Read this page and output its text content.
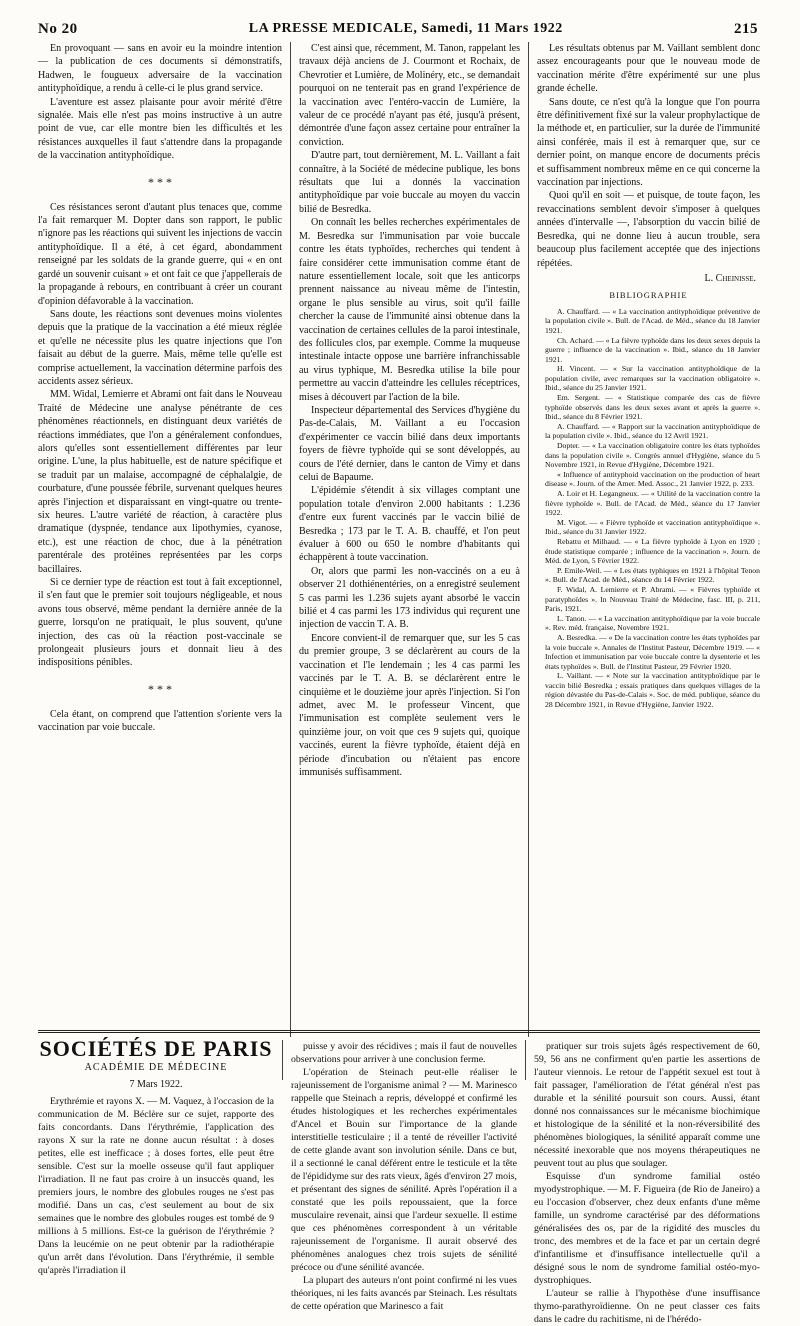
No 20	LA PRESSE MEDICALE, Samedi, 11 Mars 1922	215

En provoquant — sans en avoir eu la moindre intention — la publication de ces documents si démonstratifs, Hadwen, le fougueux adversaire de la vaccination antityphoïdique, a rendu à celle-ci le plus grand service.

L'aventure est assez plaisante pour avoir mérité d'être signalée. Mais elle n'est pas moins instructive à un autre point de vue, car elle montre bien les difficultés et les résistances auxquelles il faut s'attendre dans la propagande de la vaccination antityphoïdique.

* * *

Ces résistances seront d'autant plus tenaces que, comme l'a fait remarquer M. Dopter dans son rapport, le public n'ignore pas les réactions qui suivent les injections de vaccin antityphoïdique. Il a été, à cet égard, abondamment renseigné par les soldats de la grande guerre, qui « en ont gardé un souvenir cuisant » et ont fait ce que j'appellerais de la propagande à rebours, en contribuant à créer un courant d'opinion défavorable à la vaccination.

Sans doute, les réactions sont devenues moins violentes depuis que la pratique de la vaccination a été mieux réglée et qu'elle ne nécessite plus les quatre injections que l'on faisait au début de la guerre. Mais, même telle qu'elle est comprise actuellement, la vaccination détermine parfois des accidents assez sérieux.

MM. Widal, Lemierre et Abrami ont fait dans le Nouveau Traité de Médecine une analyse pénétrante de ces phénomènes réactionnels, en distinguant deux variétés de réactions immédiates, que l'on a généralement confondues, alors qu'elles sont essentiellement différentes par leur origine. L'une, la plus habituelle, est de nature spécifique et se traduit par un malaise, accompagné de céphalalgie, de courbature, d'une poussée fébrile, survenant quelques heures après l'injection et disparaissant en vingt-quatre ou trente-six heures. L'autre variété de réaction, à caractère plus dramatique (dyspnée, tendance aux lipothymies, cyanose, etc.), est une réaction de choc, due à la pénétration parentérale des protéines représentées par les corps bacillaires.

Si ce dernier type de réaction est tout à fait exceptionnel, il s'en faut que le premier soit toujours négligeable, et nous avons tous observé, même pendant la dernière année de la guerre, lorsqu'on ne pratiquait, le plus souvent, qu'une injection, des cas où la réaction post-vaccinale se prolongeait plusieurs jours et donnait lieu à des indispositions pénibles.

* * *

Cela étant, on comprend que l'attention s'oriente vers la vaccination par voie buccale.

C'est ainsi que, récemment, M. Tanon, rappelant les travaux déjà anciens de J. Courmont et Rochaix, de Chevrotier et Lumière, de Molinéry, etc., se demandait pourquoi on ne tenterait pas en grand l'expérience de la vaccination avec l'entéro-vaccin de Lumière, la valeur de ce procédé n'ayant pas été, jusqu'à présent, démontrée d'une façon assez certaine pour entraîner la conviction.

D'autre part, tout dernièrement, M. L. Vaillant a fait connaître, à la Société de médecine publique, les bons résultats que lui a donnés la vaccination antityphoïdique par voie buccale au moyen du vaccin bilié de Besredka.

On connaît les belles recherches expérimentales de M. Besredka sur l'immunisation par voie buccale contre les états typhoïdes, recherches qui tendent à faire considérer cette immunisation comme étant de nature essentiellement locale, soit que les anticorps prennent naissance au niveau même de l'intestin, organe le plus sensible au virus, soit qu'il faille chercher la cause de l'immunité ainsi obtenue dans la vaccination de certaines cellules de la paroi intestinale, des follicules clos, par exemple. Comme la muqueuse intestinale intacte oppose une barrière infranchissable au virus typhique, M. Besredka utilise la bile pour permettre au vaccin d'atteindre les cellules réceptrices, mises à découvert par l'action de la bile.

Inspecteur départemental des Services d'hygiène du Pas-de-Calais, M. Vaillant a eu l'occasion d'expérimenter ce vaccin bilié dans deux importants foyers de fièvre typhoïde qui se sont développés, au cours de l'été dernier, dans le canton de Vimy et dans celui de Bapaume.

L'épidémie s'étendit à six villages comptant une population totale d'environ 2.000 habitants : 1.236 d'entre eux furent vaccinés par le vaccin bilié de Besredka ; 173 par le T. A. B. chauffé, et l'on peut évaluer à 600 ou 650 le nombre d'habitants qui échappèrent à toute vaccination.

Or, alors que parmi les non-vaccinés on a eu à observer 21 dothiénentéries, on a enregistré seulement 5 cas parmi les 1.236 sujets ayant absorbé le vaccin bilié et 4 cas parmi les 173 individus qui reçurent une injection de vaccin T. A. B.

Encore convient-il de remarquer que, sur les 5 cas du premier groupe, 3 se déclarèrent au cours de la vaccination et l'le lendemain ; les 4 cas parmi les vaccinés par le T. A. B. se déclarèrent entre le cinquième et le douzième jour après l'injection. Si l'on admet, avec M. le professeur Vincent, que l'immunisation est complète seulement vers le quinzième jour, on voit que ces 9 sujets qui, quoique vaccinés, eurent la fièvre typhoïde, étaient déjà en période d'incubation ou n'étaient pas encore immunisés suffisamment.

Les résultats obtenus par M. Vaillant semblent donc assez encourageants pour que le nouveau mode de vaccination mérite d'être expérimenté sur une plus grande échelle.

Sans doute, ce n'est qu'à la longue que l'on pourra être définitivement fixé sur la valeur prophylactique de la méthode et, en particulier, sur la durée de l'immunité ainsi conférée, mais il est à remarquer que, sur ce dernier point, on manque encore de documents précis et suffisamment nombreux même en ce qui concerne la vaccination par injections.

Quoi qu'il en soit — et puisque, de toute façon, les revaccinations semblent devoir s'imposer à quelques années d'intervalle —, l'absorption du vaccin bilié de Besredka, qui ne donne lieu à aucun trouble, sera beaucoup plus facilement acceptée que des injections répétées.

L. Cheinisse.
BIBLIOGRAPHIE

A. Chauffard. — « La vaccination antityphoïdique préventive de la population civile ». Bull. de l'Acad. de Méd., séance du 18 Janvier 1921.

Ch. Achard. — « La fièvre typhoïde dans les deux sexes depuis la guerre ; influence de la vaccination ». Ibid., séance du 18 Janvier 1921.

H. Vincent. — « Sur la vaccination antityphoïdique de la population civile, avec remarques sur la vaccination obligatoire ». Ibid., séance du 25 Janvier 1921.

Em. Sergent. — « Statistique comparée des cas de fièvre typhoïde observés dans les deux sexes avant et après la guerre ». Ibid., séance du 8 Février 1921.

A. Chauffard. — « Rapport sur la vaccination antityphoïdique de la population civile ». Ibid., séance du 12 Avril 1921.

Dopter. — « La vaccination obligatoire contre les états typhoïdes dans la population civile ». Congrès annuel d'Hygiène, séance du 5 Novembre 1921, in Revue d'Hygiène, Décembre 1921.

« Influence of antityphoid vaccination on the production of heart disease ». Journ. of the Amer. Med. Assoc., 21 Janvier 1922, p. 233.

A. Loir et H. Legangneux. — « Utilité de la vaccination contre la fièvre typhoïde ». Bull. de l'Acad. de Méd., séance du 17 Janvier 1922.

M. Vigot. — « Fièvre typhoïde et vaccination antityphoïdique ». Ibid., séance du 31 Janvier 1922.

Rebattu et Milhaud. — « La fièvre typhoïde à Lyon en 1920 ; étude statistique comparée ; influence de la vaccination ». Journ. de Méd. de Lyon, 5 Février 1922.

P. Emile-Weil. — « Les états typhiques en 1921 à l'hôpital Tenon ». Bull. de l'Acad. de Méd., séance du 14 Février 1922.

F. Widal, A. Lemierre et P. Abrami. — « Fièvres typhoïde et paratyphoïdes ». In Nouveau Traité de Médecine, fasc. III, p. 211, Paris, 1921.

L. Tanon. — « La vaccination antityphoïdique par la voie buccale ». Rev. méd. française, Novembre 1921.

A. Besredka. — « De la vaccination contre les états typhoïdes par la voie buccale ». Annales de l'Institut Pasteur, Décembre 1919. — « Infection et immunisation par voie buccale contre la dysenterie et les états typhoïdes ». Bull. de l'Institut Pasteur, 29 Février 1920.

L. Vaillant. — « Note sur la vaccination antityphoïdique par le vaccin bilié Besredka ; essais pratiques dans quelques villages de la région dévastée du Pas-de-Calais ». Soc. de méd. publique, séance du 28 Décembre 1921, in Revue d'Hygiène, Janvier 1922.

SOCIÉTÉS DE PARIS
ACADÉMIE DE MÉDECINE
7 Mars 1922.

Erythrémie et rayons X. — M. Vaquez, à l'occasion de la communication de M. Béclère sur ce sujet, rapporte des faits concordants. Dans l'érythrémie, l'application des rayons X sur la rate ne donne aucun résultat : à doses petites, elle est inefficace ; à doses fortes, elle peut être sensible. C'est sur la moelle osseuse qu'il faut appliquer l'irradiation. Il ne faut pas croire à un insuccès quand, les premiers jours, le nombre des globules rouges ne s'est pas modifié. Dans un cas, c'est seulement au bout de six semaines que le nombre des globules rouges est tombé de 9 millions à 5 millions. Est-ce la guérison de l'érythrémie ? Dans la leucémie on ne peut obtenir par la radiothérapie qu'un arrêt dans l'évolution. Dans l'érythrémie, il semble qu'après l'irradiation il

puisse y avoir des récidives ; mais il faut de nouvelles observations pour arriver à une conclusion ferme.

L'opération de Steinach peut-elle réaliser le rajeunissement de l'organisme animal ? — M. Marinesco rappelle que Steinach a repris, développé et confirmé les études histologiques et les recherches expérimentales d'Ancel et Bouin sur l'importance de la glande interstitielle testiculaire ; il a tenté de réveiller l'activité de cette glande avant son involution sénile. Dans ce but, il a sectionné le canal déférent entre le testicule et la tête de l'épididyme sur des rats vieux, âgés d'environ 27 mois, et présentant des signes de sénilité. Après l'opération il a constaté que les poils repoussaient, que la force musculaire revenait, ainsi que l'ardeur sexuelle. Il estime que ces phénomènes correspondent à un véritable rajeunissement de l'organisme. Il aurait observé des phénomènes analogues chez trois sujets de sénilité précoce ou d'une sénilité avancée.

La plupart des auteurs n'ont point confirmé ni les vues théoriques, ni les faits avancés par Steinach. Les résultats de cette opération que Marinesco a fait

pratiquer sur trois sujets âgés respectivement de 60, 59, 56 ans ne confirment qu'en partie les assertions de l'auteur viennois. Le retour de l'appétit sexuel est tout à fait passager, l'amélioration de l'état général n'est pas durable et la sénilité poursuit son cours. Aussi, étant donné nos connaissances sur le mécanisme biochimique et histologique de la sénilité et la non-réversibilité des phénomènes biologiques, la sénilité apparaît comme une nécessité inexorable que nos moyens thérapeutiques ne peuvent tout au plus que soulager.

Esquisse d'un syndrome familial ostéo myodystrophique. — M. F. Figueira (de Rio de Janeiro) a eu l'occasion d'observer, chez deux enfants d'une même famille, un syndrome caractérisé par des déformations généralisées des os, par de la rigidité des muscles du tronc, des membres et de la face et par un certain degré d'infantilisme et d'insuffisance intellectuelle qu'il a désigné sous le nom de syndrome familial ostéo-myo-dystrophiques.

L'auteur se rallie à l'hypothèse d'une insuffisance thymo-parathyroïdienne. On ne peut classer ces faits dans le cadre du rachitisme, ni de l'hérédo-
